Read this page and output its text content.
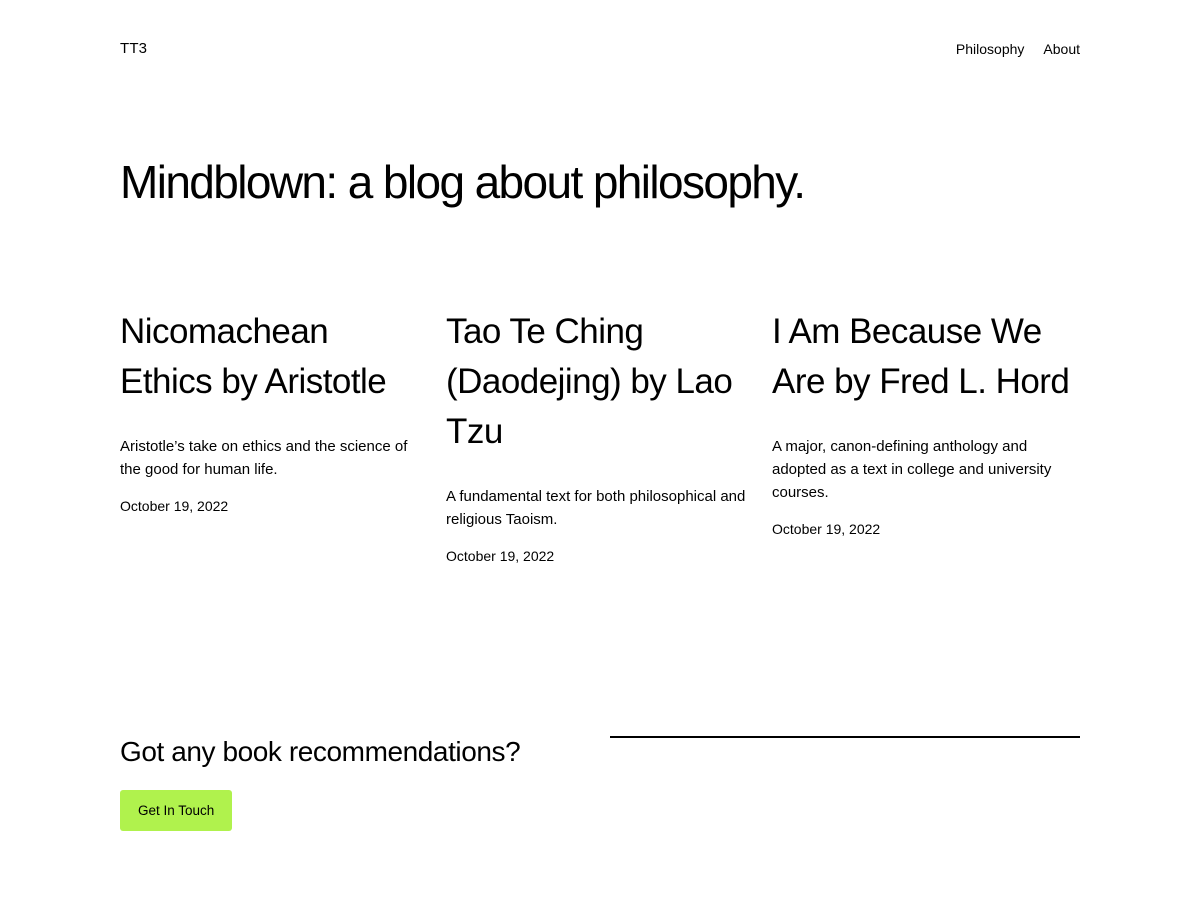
TT3	Philosophy About
Mindblown: a blog about philosophy.
Nicomachean Ethics by Aristotle

Aristotle’s take on ethics and the science of the good for human life.

October 19, 2022

Tao Te Ching (Daodejing) by Lao Tzu

A fundamental text for both philosophical and religious Taoism.

October 19, 2022

I Am Because We Are by Fred L. Hord

A major, canon-defining anthology and adopted as a text in college and university courses.

October 19, 2022

Got any book recommendations?
Get In Touch
